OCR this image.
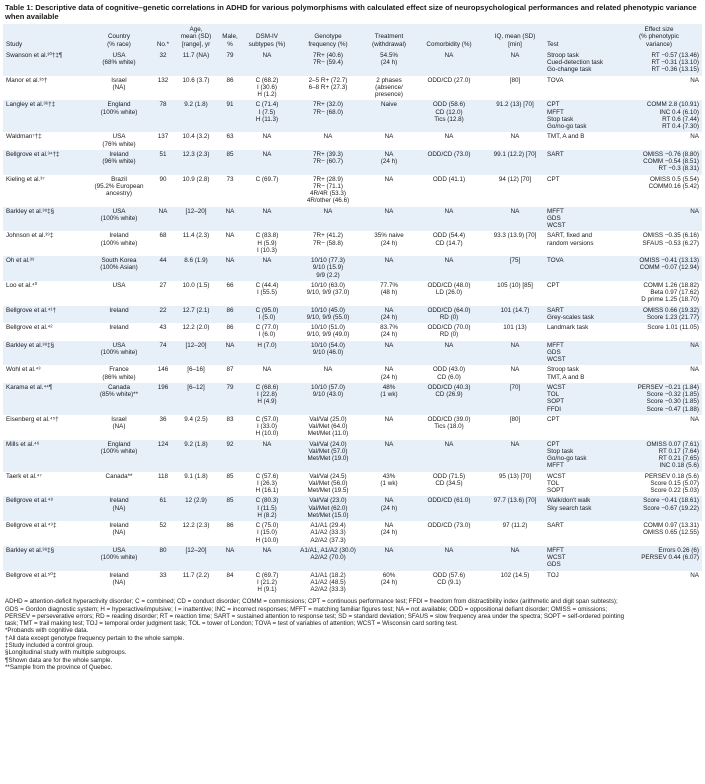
Table 1: Descriptive data of cognitive–genetic correlations in ADHD for various polymorphisms with calculated effect size of neuropsychological performances and related phenotypic variance when available
Study	Country
(% race)	No.*	Age,
mean (SD)
[range], yr	Male,
%	DSM-IV
subtypes (%)	Genotype
frequency (%)	Treatment
(withdrawal)	Comorbidity (%)	IQ, mean (SD)
[min]	Test	Effect size
(% phenotypic
variance)

Swanson et al.³⁰†‡¶	USA
(68% white)	32	11.7 (NA)	79	NA	7R+ (40.6)
7R− (59.4)	54.5%
(24 h)	NA	NA	Stroop task
Cued-detection task
Go-change task	RT −0.57 (13.46)
RT −0.31 (13.10)
RT −0.36 (13.15)

Manor et al.³⁵†	Israel
(NA)	132	10.6 (3.7)	86	C (68.2)
I (30.6)
H (1.2)	2–5 R+ (72.7)
6–8 R+ (27.3)	2 phases
(absence/
presence)	ODD/CD (27.0)	[80]	TOVA	NA

Langley et al.³⁶†‡	England
(100% white)	78	9.2 (1.8)	91	C (71.4)
I (7.5)
H (11.3)	7R+ (32.0)
7R− (68.0)	Naive	ODD (58.6)
CD (12.0)
Tics (12.8)	91.2 (13) [70]	CPT
MFFT
Stop task
Go/no-go task	COMM 2.8 (10.91)
INC 0.4 (6.10)
RT 0.6 (7.44)
RT 0.4 (7.30)

Waldman⁷†‡	USA
(76% white)	137	10.4 (3.2)	63	NA	NA	NA	NA	NA	TMT, A and B	NA

Bellgrove et al.³⁴†‡	Ireland
(96% white)	51	12.3 (2.3)	85	NA	7R+ (39.3)
7R− (60.7)	NA
(24 h)	ODD/CD (73.0)	99.1 (12.2) [70]	SART	OMISS −0.76 (8.80)
COMM −0.54 (8.51)
RT −0.3 (8.31)

Kieling et al.³⁷	Brazil
(95.2% European
ancestry)	90	10.9 (2.8)	73	C (69.7)	7R+ (28.9)
7R− (71.1)
4R/4R (53.3)
4R/other (46.6)	NA	ODD (41.1)	94 (12) [70]	CPT	OMISS 0.5 (5.54)
COMM0.16 (5.42)

Barkley et al.³⁸‡§	USA
(100% white)	NA	[12–20]	NA	NA	NA	NA	NA	NA	MFFT
GDS
WCST	NA

Johnson et al.³⁹‡	Ireland
(100% white)	68	11.4 (2.3)	NA	C (83.8)
H (5.9)
I (10.3)	7R+ (41.2)
7R− (58.8)	35% naive
(24 h)	ODD (54.4)
CD (14.7)	93.3 (13.9) [70]	SART, fixed and
random versions	OMISS −0.35 (6.16)
SFAUS −0.53 (6.27)

Oh et al.³⁹	South Korea
(100% Asian)	44	8.6 (1.9)	NA	NA	10/10 (77.3)
9/10 (15.9)
9/9 (2.2)	NA	NA	[75]	TOVA	OMISS −0.41 (13.13)
COMM −0.07 (12.94)

Loo et al.⁴⁰	USA	27	10.0 (1.5)	66	C (44.4)
I (55.5)	10/10 (63.0)
9/10, 9/9 (37.0)	77.7%
(48 h)	ODD/CD (48.0)
LD (26.0)	105 (10) [85]	CPT	COMM 1.26 (18.82)
Beta 0.97 (17.62)
D prime 1.25 (18.70)

Bellgrove et al.⁴¹†	Ireland	22	12.7 (2.1)	86	C (95.0)
I (5.0)	10/10 (45.0)
9/10, 9/9 (55.0)	NA
(24 h)	ODD/CD (64.0)
RD (0)	101 (14.7)	SART
Grey-scales task	OMISS 0.66 (19.32)
Score 1.23 (21.77)

Bellgrove et al.⁴²	Ireland	43	12.2 (2.0)	86	C (77.0)
I (6.0)	10/10 (51.0)
9/10, 9/9 (49.0)	83.7%
(24 h)	ODD/CD (70.0)
RD (0)	101 (13)	Landmark task	Score 1.01 (11.05)

Barkley et al.³⁸‡§	USA
(100% white)	74	[12–20]	NA	H (7.0)	10/10 (54.0)
9/10 (46.0)	NA	NA	NA	MFFT
GDS
WCST	NA

Wohl et al.⁴³	France
(86% white)	146	[6–16]	87	NA	NA	NA
(24 h)	ODD (43.0)
CD (6.0)	NA	Stroop task
TMT, A and B	NA

Karama et al.⁴⁴¶	Canada
(85% white)**	196	[6–12]	79	C (68.6)
I (22.8)
H (4.9)	10/10 (57.0)
9/10 (43.0)	48%
(1 wk)	ODD/CD (40.3)
CD (26.9)	[70]	WCST
TOL
SOPT
FFDI	PERSEV −0.21 (1.84)
Score −0.32 (1.85)
Score −0.30 (1.85)
Score −0.47 (1.88)

Eisenberg et al.⁴⁵†	Israel
(NA)	36	9.4 (2.5)	83	C (57.0)
I (33.0)
H (10.0)	Val/Val (25.0)
Val/Met (64.0)
Met/Met (11.0)	NA	ODD/CD (39.0)
Tics (18.0)	[80]	CPT	NA

Mills et al.⁴⁶	England
(100% white)	124	9.2 (1.8)	92	NA	Val/Val (24.0)
Val/Met (57.0)
Met/Met (19.0)	NA	NA	NA	CPT
Stop task
Go/no-go task
MFFT	OMISS 0.07 (7.61)
RT 0.17 (7.64)
RT 0.21 (7.65)
INC 0.18 (5.6)

Taerk et al.⁴⁷	Canada**	118	9.1 (1.8)	85	C (57.6)
I (26.3)
H (16.1)	Val/Val (24.5)
Val/Met (56.0)
Met/Met (19.5)	43%
(1 wk)	ODD (71.5)
CD (34.5)	95 (13) [70]	WCST
TOL
SOPT	PERSEV 0.18 (5.6)
Score 0.15 (5.07)
Score 0.22 (5.03)

Bellgrove et al.⁴⁸	Ireland
(NA)	61	12 (2.9)	85	C (80.3)
I (11.5)
H (8.2)	Val/Val (23.0)
Val/Met (62.0)
Met/Met (15.0)	NA
(24 h)	ODD/CD (61.0)	97.7 (13.6) [70]	Walk/don't walk
Sky search task	Score −0.41 (18.61)
Score −0.67 (19.22)

Bellgrove et al.⁴⁹‡	Ireland
(NA)	52	12.2 (2.3)	86	C (75.0)
I (15.0)
H (10.0)	A1/A1 (29.4)
A1/A2 (33.3)
A2/A2 (37.3)	NA
(24 h)	ODD/CD (73.0)	97 (11.2)	SART	COMM 0.97 (13.31)
OMISS 0.65 (12.55)

Barkley et al.³⁸‡§	USA
(100% white)	80	[12–20]	NA	NA	A1/A1, A1/A2 (30.0)
A2/A2 (70.0)	NA	NA	NA	MFFT
WCST
GDS	Errors 0.26 (6)
PERSEV 0.44 (6.07)

Bellgrove et al.⁵⁰‡	Ireland
(NA)	33	11.7 (2.2)	84	C (69.7)
I (21.2)
H (9.1)	A1/A1 (18.2)
A1/A2 (48.5)
A2/A2 (33.3)	60%
(24 h)	ODD (57.6)
CD (9.1)	102 (14.5)	TOJ	NA
ADHD = attention-deficit hyperactivity disorder; C = combined; CD = conduct disorder; COMM = commissions; CPT = continuous performance test; FFDI = freedom from distractibility index (arithmetic and digit span subtests);
GDS = Gordon diagnostic system; H = hyperactive/impulsive; I = inattentive; INC = incorrect responses; MFFT = matching familiar figures test; NA = not available; ODD = oppositional defiant disorder; OMISS = omissions;
PERSEV = perseverative errors; RD = reading disorder; RT = reaction time; SART = sustained attention to response test; SD = standard deviation; SFAUS = slow frequency area under the spectra; SOPT = self-ordered pointing
task; TMT = trail making test; TOJ = temporal order judgment task; TOL = tower of London; TOVA = test of variables of attention; WCST = Wisconsin card sorting test.
*Probands with cognitive data.
†All data except genotype frequency pertain to the whole sample.
‡Study included a control group.
§Longitudinal study with multiple subgroups.
¶Shown data are for the whole sample.
**Sample from the province of Quebec.
